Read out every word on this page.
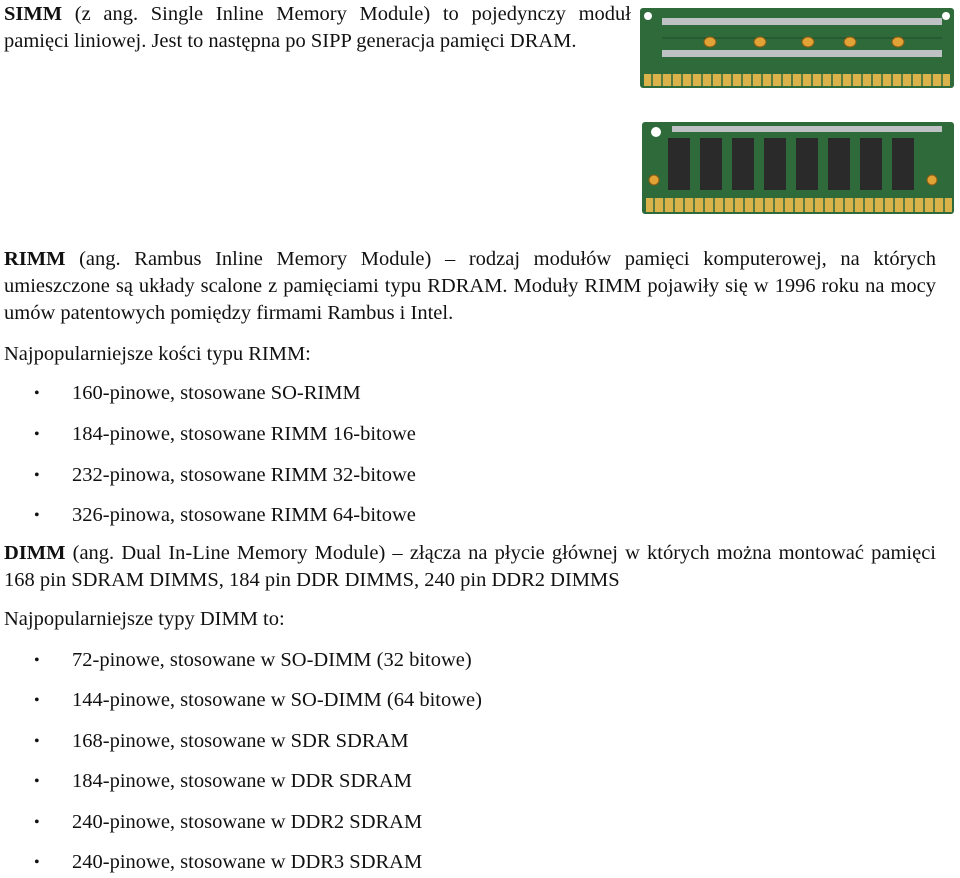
SIMM (z ang. Single Inline Memory Module) to pojedynczy moduł pamięci liniowej. Jest to następna po SIPP generacja pamięci DRAM.
RIMM (ang. Rambus Inline Memory Module) – rodzaj modułów pamięci komputerowej, na których umieszczone są układy scalone z pamięciami typu RDRAM. Moduły RIMM pojawiły się w 1996 roku na mocy umów patentowych pomiędzy firmami Rambus i Intel.
Najpopularniejsze kości typu RIMM:
• 160-pinowe, stosowane SO-RIMM
• 184-pinowe, stosowane RIMM 16-bitowe
• 232-pinowa, stosowane RIMM 32-bitowe
• 326-pinowa, stosowane RIMM 64-bitowe
DIMM (ang. Dual In-Line Memory Module) – złącza na płycie głównej w których można montować pamięci 168 pin SDRAM DIMMS, 184 pin DDR DIMMS, 240 pin DDR2 DIMMS
Najpopularniejsze typy DIMM to:
• 72-pinowe, stosowane w SO-DIMM (32 bitowe)
• 144-pinowe, stosowane w SO-DIMM (64 bitowe)
• 168-pinowe, stosowane w SDR SDRAM
• 184-pinowe, stosowane w DDR SDRAM
• 240-pinowe, stosowane w DDR2 SDRAM
• 240-pinowe, stosowane w DDR3 SDRAM
